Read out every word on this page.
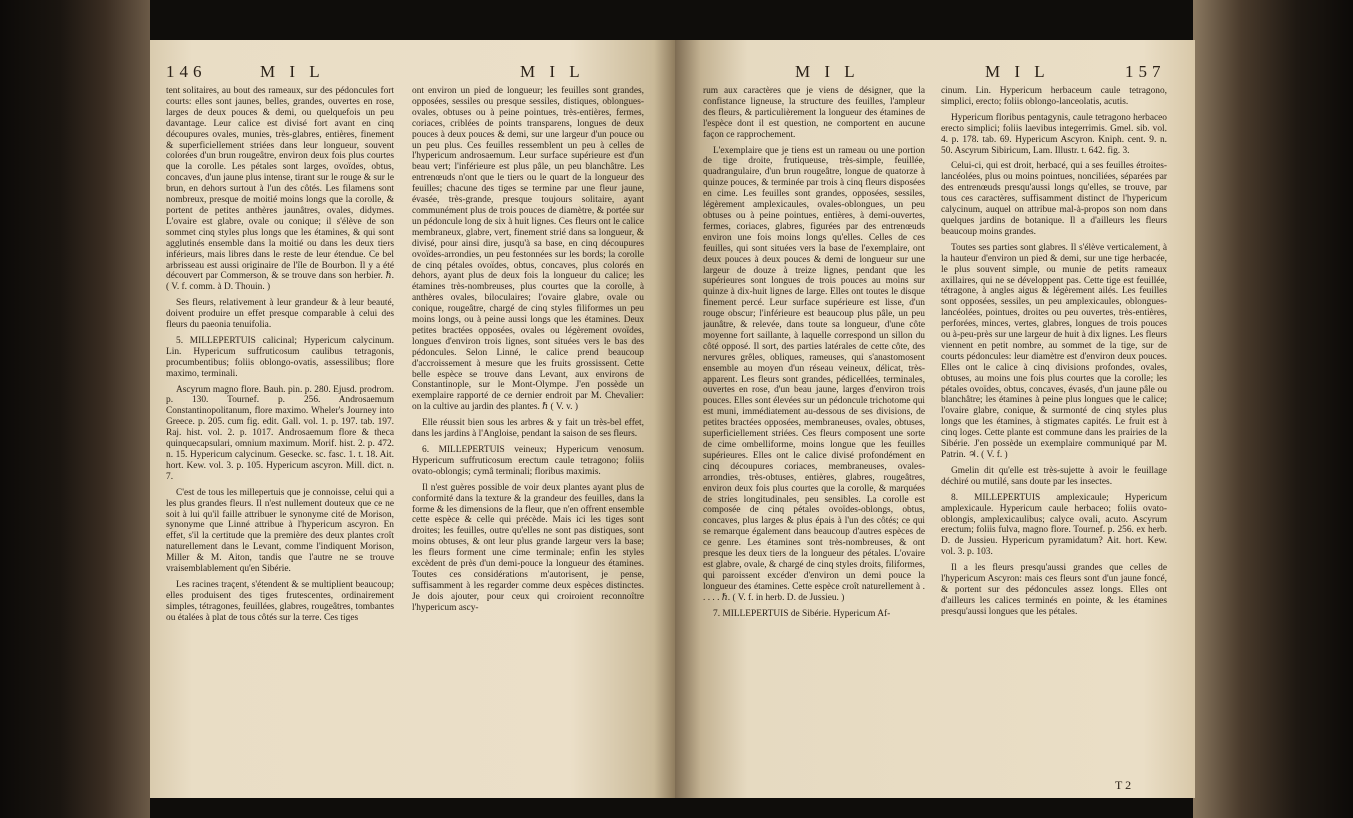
146	M I L	M I L

tent solitaires, au bout des rameaux, sur des pédoncules fort courts: elles sont jaunes, belles, grandes, ouvertes en rose, larges de deux pouces & demi, ou quelquefois un peu davantage. Leur calice est divisé fort avant en cinq découpures ovales, munies, très-glabres, entières, finement & superficiellement striées dans leur longueur, souvent colorées d'un brun rougeâtre, environ deux fois plus courtes que la corolle. Les pétales sont larges, ovoïdes, obtus, concaves, d'un jaune plus intense, tirant sur le rouge & sur le brun, en dehors surtout à l'un des côtés. Les filamens sont nombreux, presque de moitié moins longs que la corolle, & portent de petites anthères jaunâtres, ovales, didymes. L'ovaire est glabre, ovale ou conique; il s'élève de son sommet cinq styles plus longs que les étamines, & qui sont agglutinés ensemble dans la moitié ou dans les deux tiers inférieurs, mais libres dans le reste de leur étendue. Ce bel arbrisseau est aussi originaire de l'île de Bourbon. Il y a été découvert par Commerson, & se trouve dans son herbier. ℏ. ( V. f. comm. à D. Thouin. )

Ses fleurs, relativement à leur grandeur & à leur beauté, doivent produire un effet presque comparable à celui des fleurs du paeonia tenuifolia.

5. MILLEPERTUIS calicinal; Hypericum calycinum. Lin. Hypericum suffruticosum caulibus tetragonis, procumbentibus; foliis oblongo-ovatis, assessilibus; flore maximo, terminali.

Ascyrum magno flore. Bauh. pin. p. 280. Ejusd. prodrom. p. 130. Tournef. p. 256. Androsaemum Constantinopolitanum, flore maximo. Wheler's Journey into Greece. p. 205. cum fig. edit. Gall. vol. 1. p. 197. tab. 197. Raj. hist. vol. 2. p. 1017. Androsaemum flore & theca quinquecapsulari, omnium maximum. Morif. hist. 2. p. 472. n. 15. Hypericum calycinum. Gesecke. sc. fasc. 1. t. 18. Ait. hort. Kew. vol. 3. p. 105. Hypericum ascyron. Mill. dict. n. 7.

C'est de tous les millepertuis que je connoisse, celui qui a les plus grandes fleurs. Il n'est nullement douteux que ce ne soit à lui qu'il faille attribuer le synonyme cité de Morison, synonyme que Linné attribue à l'hypericum ascyron. En effet, s'il la certitude que la première des deux plantes croît naturellement dans le Levant, comme l'indiquent Morison, Miller & M. Aiton, tandis que l'autre ne se trouve vraisemblablement qu'en Sibérie.

Les racines traçent, s'étendent & se multiplient beaucoup; elles produisent des tiges frutescentes, ordinairement simples, tétragones, feuillées, glabres, rougeâtres, tombantes ou étalées à plat de tous côtés sur la terre. Ces tiges

ont environ un pied de longueur; les feuilles sont grandes, opposées, sessiles ou presque sessiles, distiques, oblongues-ovales, obtuses ou à peine pointues, très-entières, fermes, coriaces, criblées de points transparens, longues de deux pouces à deux pouces & demi, sur une largeur d'un pouce ou un peu plus. Ces feuilles ressemblent un peu à celles de l'hypericum androsaemum. Leur surface supérieure est d'un beau vert; l'inférieure est plus pâle, un peu blanchâtre. Les entrenœuds n'ont que le tiers ou le quart de la longueur des feuilles; chacune des tiges se termine par une fleur jaune, évasée, très-grande, presque toujours solitaire, ayant communément plus de trois pouces de diamètre, & portée sur un pédoncule long de six à huit lignes. Ces fleurs ont le calice membraneux, glabre, vert, finement strié dans sa longueur, & divisé, pour ainsi dire, jusqu'à sa base, en cinq découpures ovoïdes-arrondies, un peu festonnées sur les bords; la corolle de cinq pétales ovoïdes, obtus, concaves, plus colorés en dehors, ayant plus de deux fois la longueur du calice; les étamines très-nombreuses, plus courtes que la corolle, à anthères ovales, biloculaires; l'ovaire glabre, ovale ou conique, rougeâtre, chargé de cinq styles filiformes un peu moins longs, ou à peine aussi longs que les étamines. Deux petites bractées opposées, ovales ou légèrement ovoïdes, longues d'environ trois lignes, sont situées vers le bas des pédoncules. Selon Linné, le calice prend beaucoup d'accroissement à mesure que les fruits grossissent. Cette belle espèce se trouve dans Levant, aux environs de Constantinople, sur le Mont-Olympe. J'en possède un exemplaire rapporté de ce dernier endroit par M. Chevalier: on la cultive au jardin des plantes. ℏ ( V. v. )

Elle réussit bien sous les arbres & y fait un très-bel effet, dans les jardins à l'Angloise, pendant la saison de ses fleurs.

6. MILLEPERTUIS veineux; Hypericum venosum. Hypericum suffruticosum erectum caule tetragono; foliis ovato-oblongis; cymâ terminali; floribus maximis.

Il n'est guères possible de voir deux plantes ayant plus de conformité dans la texture & la grandeur des feuilles, dans la forme & les dimensions de la fleur, que n'en offrent ensemble cette espèce & celle qui précède. Mais ici les tiges sont droites; les feuilles, outre qu'elles ne sont pas distiques, sont moins obtuses, & ont leur plus grande largeur vers la base; les fleurs forment une cime terminale; enfin les styles excèdent de près d'un demi-pouce la longueur des étamines. Toutes ces considérations m'autorisent, je pense, suffisamment à les regarder comme deux espèces distinctes. Je dois ajouter, pour ceux qui croiroient reconnoître l'hypericum ascy-

M I L	M I L	157

rum aux caractères que je viens de désigner, que la confistance ligneuse, la structure des feuilles, l'ampleur des fleurs, & particulièrement la longueur des étamines de l'espèce dont il est question, ne comportent en aucune façon ce rapprochement.

L'exemplaire que je tiens est un rameau ou une portion de tige droite, frutiqueuse, très-simple, feuillée, quadrangulaire, d'un brun rougeâtre, longue de quatorze à quinze pouces, & terminée par trois à cinq fleurs disposées en cime. Les feuilles sont grandes, opposées, sessiles, légèrement amplexicaules, ovales-oblongues, un peu obtuses ou à peine pointues, entières, à demi-ouvertes, fermes, coriaces, glabres, figurées par des entrenœuds environ une fois moins longs qu'elles. Celles de ces feuilles, qui sont situées vers la base de l'exemplaire, ont deux pouces à deux pouces & demi de longueur sur une largeur de douze à treize lignes, pendant que les supérieures sont longues de trois pouces au moins sur quinze à dix-huit lignes de large. Elles ont toutes le disque finement percé. Leur surface supérieure est lisse, d'un rouge obscur; l'inférieure est beaucoup plus pâle, un peu jaunâtre, & relevée, dans toute sa longueur, d'une côte moyenne fort saillante, à laquelle correspond un sillon du côté opposé. Il sort, des parties latérales de cette côte, des nervures grêles, obliques, rameuses, qui s'anastomosent ensemble au moyen d'un réseau veineux, délicat, très-apparent. Les fleurs sont grandes, pédicellées, terminales, ouvertes en rose, d'un beau jaune, larges d'environ trois pouces. Elles sont élevées sur un pédoncule trichotome qui est muni, immédiatement au-dessous de ses divisions, de petites bractées opposées, membraneuses, ovales, obtuses, superficiellement striées. Ces fleurs composent une sorte de cime ombelliforme, moins longue que les feuilles supérieures. Elles ont le calice divisé profondément en cinq découpures coriaces, membraneuses, ovales-arrondies, très-obtuses, entières, glabres, rougeâtres, environ deux fois plus courtes que la corolle, & marquées de stries longitudinales, peu sensibles. La corolle est composée de cinq pétales ovoïdes-oblongs, obtus, concaves, plus larges & plus épais à l'un des côtés; ce qui se remarque également dans beaucoup d'autres espèces de ce genre. Les étamines sont très-nombreuses, & ont presque les deux tiers de la longueur des pétales. L'ovaire est glabre, ovale, & chargé de cinq styles droits, filiformes, qui paroissent excéder d'environ un demi pouce la longueur des étamines. Cette espèce croît naturellement à . . . . . ℏ. ( V. f. in herb. D. de Jussieu. )

7. MILLEPERTUIS de Sibérie. Hypericum Af-

cinum. Lin. Hypericum herbaceum caule tetragono, simplici, erecto; foliis oblongo-lanceolatis, acutis.

Hypericum floribus pentagynis, caule tetragono herbaceo erecto simplici; foliis laevibus integerrimis. Gmel. sib. vol. 4. p. 178. tab. 69. Hypericum Ascyron. Kniph. cent. 9. n. 50. Ascyrum Sibiricum, Lam. Illustr. t. 642. fig. 3.

Celui-ci, qui est droit, herbacé, qui a ses feuilles étroites-lancéolées, plus ou moins pointues, nonciliées, séparées par des entrenœuds presqu'aussi longs qu'elles, se trouve, par tous ces caractères, suffisamment distinct de l'hypericum calycinum, auquel on attribue mal-à-propos son nom dans quelques jardins de botanique. Il a d'ailleurs les fleurs beaucoup moins grandes.

Toutes ses parties sont glabres. Il s'élève verticalement, à la hauteur d'environ un pied & demi, sur une tige herbacée, le plus souvent simple, ou munie de petits rameaux axillaires, qui ne se développent pas. Cette tige est feuillée, tétragone, à angles aigus & légèrement ailés. Les feuilles sont opposées, sessiles, un peu amplexicaules, oblongues-lancéolées, pointues, droites ou peu ouvertes, très-entières, perforées, minces, vertes, glabres, longues de trois pouces ou à-peu-près sur une largeur de huit à dix lignes. Les fleurs viennent en petit nombre, au sommet de la tige, sur de courts pédoncules: leur diamètre est d'environ deux pouces. Elles ont le calice à cinq divisions profondes, ovales, obtuses, au moins une fois plus courtes que la corolle; les pétales ovoïdes, obtus, concaves, évasés, d'un jaune pâle ou blanchâtre; les étamines à peine plus longues que le calice; l'ovaire glabre, conique, & surmonté de cinq styles plus longs que les étamines, à stigmates capités. Le fruit est à cinq loges. Cette plante est commune dans les prairies de la Sibérie. J'en possède un exemplaire communiqué par M. Patrin. ♃. ( V. f. )

Gmelin dit qu'elle est très-sujette à avoir le feuillage déchiré ou mutilé, sans doute par les insectes.

8. MILLEPERTUIS amplexicaule; Hypericum amplexicaule. Hypericum caule herbaceo; foliis ovato-oblongis, amplexicaulibus; calyce ovali, acuto. Ascyrum erectum; foliis fulva, magno flore. Tournef. p. 256. ex herb. D. de Jussieu. Hypericum pyramidatum? Ait. hort. Kew. vol. 3. p. 103.

Il a les fleurs presqu'aussi grandes que celles de l'hypericum Ascyron: mais ces fleurs sont d'un jaune foncé, & portent sur des pédoncules assez longs. Elles ont d'ailleurs les calices terminés en pointe, & les étamines presqu'aussi longues que les pétales.

T 2
